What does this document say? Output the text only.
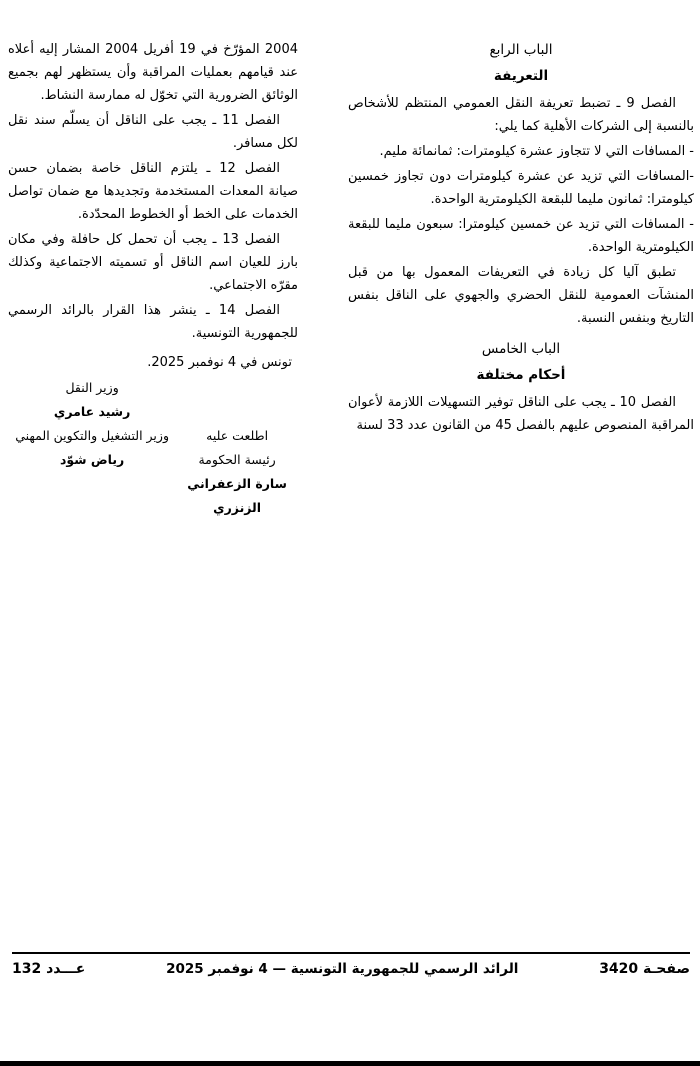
الباب الرابع
التعريفة

الفصل 9 ـ تضبط تعريفة النقل العمومي المنتظم للأشخاص بالنسبة إلى الشركات الأهلية كما يلي:

- المسافات التي لا تتجاوز عشرة كيلومترات: ثمانمائة مليم.

-المسافات التي تزيد عن عشرة كيلومترات دون تجاوز خمسين كيلومترا: ثمانون مليما للبقعة الكيلومترية الواحدة.

- المسافات التي تزيد عن خمسين كيلومترا: سبعون مليما للبقعة الكيلومترية الواحدة.

تطبق آليا كل زيادة في التعريفات المعمول بها من قبل المنشآت العمومية للنقل الحضري والجهوي على الناقل بنفس التاريخ وبنفس النسبة.

الباب الخامس
أحكام مختلفة

الفصل 10 ـ يجب على الناقل توفير التسهيلات اللازمة لأعوان المراقبة المنصوص عليهم بالفصل 45 من القانون عدد 33 لسنة

2004 المؤرّخ في 19 أفريل 2004 المشار إليه أعلاه عند قيامهم بعمليات المراقبة وأن يستظهر لهم بجميع الوثائق الضرورية التي تخوّل له ممارسة النشاط.

الفصل 11 ـ يجب على الناقل أن يسلّم سند نقل لكل مسافر.

الفصل 12 ـ يلتزم الناقل خاصة بضمان حسن صيانة المعدات المستخدمة وتجديدها مع ضمان تواصل الخدمات على الخط أو الخطوط المحدّدة.

الفصل 13 ـ يجب أن تحمل كل حافلة وفي مكان بارز للعيان اسم الناقل أو تسميته الاجتماعية وكذلك مقرّه الاجتماعي.

الفصل 14 ـ ينشر هذا القرار بالرائد الرسمي للجمهورية التونسية.

تونس في 4 نوفمبر 2025.

وزير النقل
رشيد عامري
اطلعت عليه
وزير التشغيل والتكوين المهني
رئيسة الحكومة
رياض شوّد
سارة الزعفراني الزنزري
صفحـة 3420
الرائد الرسمي للجمهورية التونسية — 4 نوفمبر 2025
عـــدد 132
